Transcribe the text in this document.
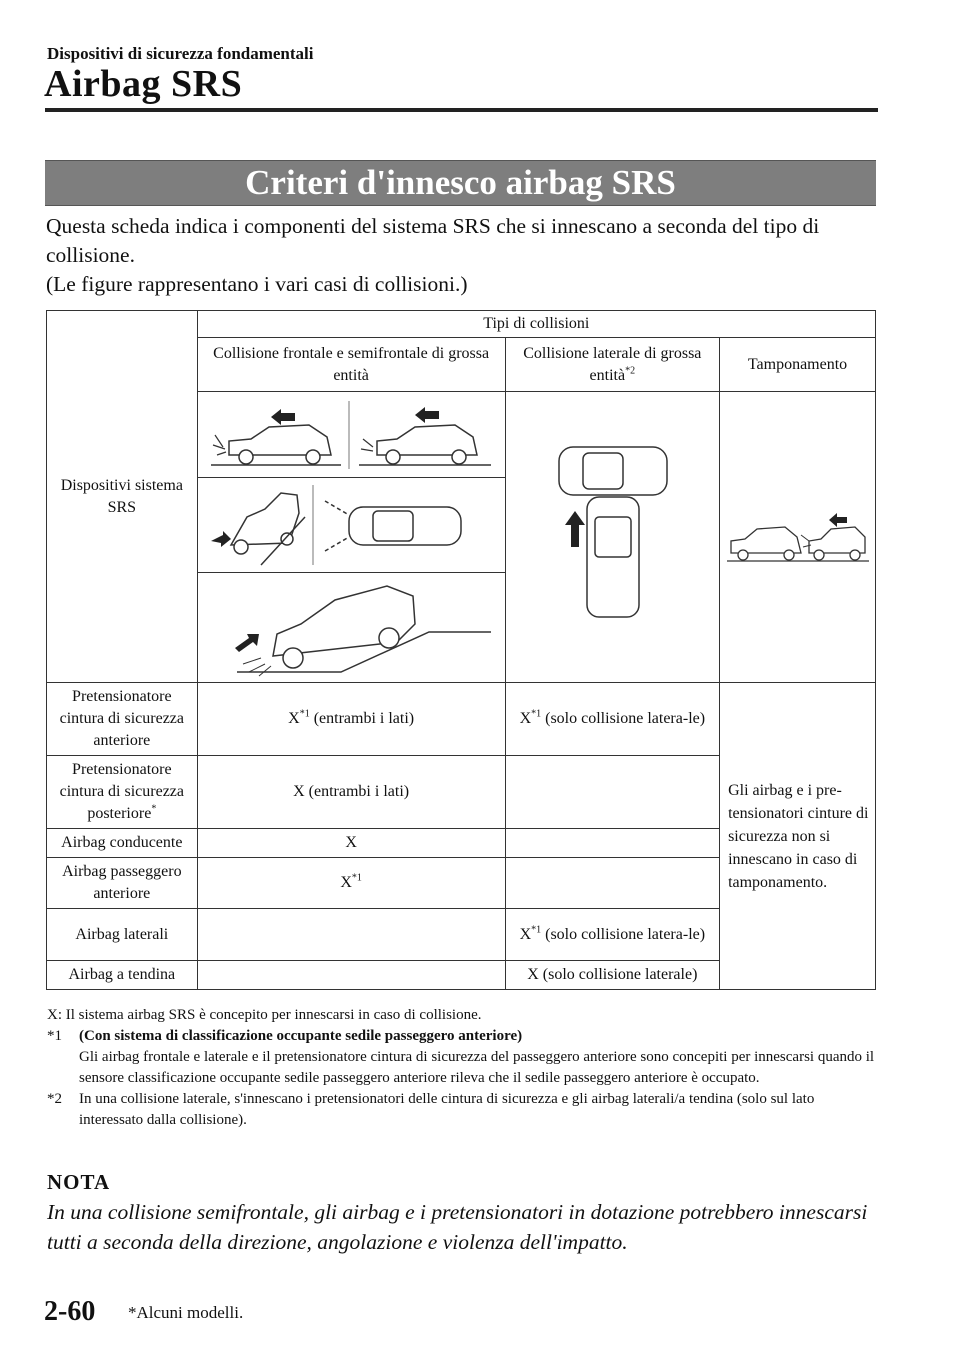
Dispositivi di sicurezza fondamentali
Airbag SRS
Criteri d'innesco airbag SRS

Questa scheda indica i componenti del sistema SRS che si innescano a seconda del tipo di collisione.

(Le figure rappresentano i vari casi di collisioni.)

Dispositivi sistema SRS	Tipi di collisioni		
	Collisione frontale e semifrontale di grossa entità	Collisione laterale di grossa entità$^{*2}$	Tamponamento

Pretensionatore cintura di sicurezza anteriore	$X^{*1}$ (entrambi i lati)	$X^{*1}$ (solo collisione latera-le)	Gli airbag e i pre-tensionatori cinture di sicurezza non si innescano in caso di tamponamento.
Pretensionatore cintura di sicurezza posteriore*	X (entrambi i lati)		
Airbag conducente	X		
Airbag passeggero anteriore	$X^{*1}$	
Airbag laterali		$X^{*1}$ (solo collisione latera-le)	
Airbag a tendina		X (solo collisione laterale)	
X: Il sistema airbag SRS è concepito per innescarsi in caso di collisione.
*1	(Con sistema di classificazione occupante sedile passeggero anteriore)
Gli airbag frontale e laterale e il pretensionatore cintura di sicurezza del passeggero anteriore sono concepiti per innescarsi quando il sensore classificazione occupante sedile passeggero anteriore rileva che il sedile passeggero anteriore è occupato.
*2	In una collisione laterale, s'innescano i pretensionatori delle cintura di sicurezza e gli airbag laterali/a tendina (solo sul lato interessato dalla collisione).
NOTA
In una collisione semifrontale, gli airbag e i pretensionatori in dotazione potrebbero innescarsi tutti a seconda della direzione, angolazione e violenza dell'impatto.
2-60 *Alcuni modelli.
